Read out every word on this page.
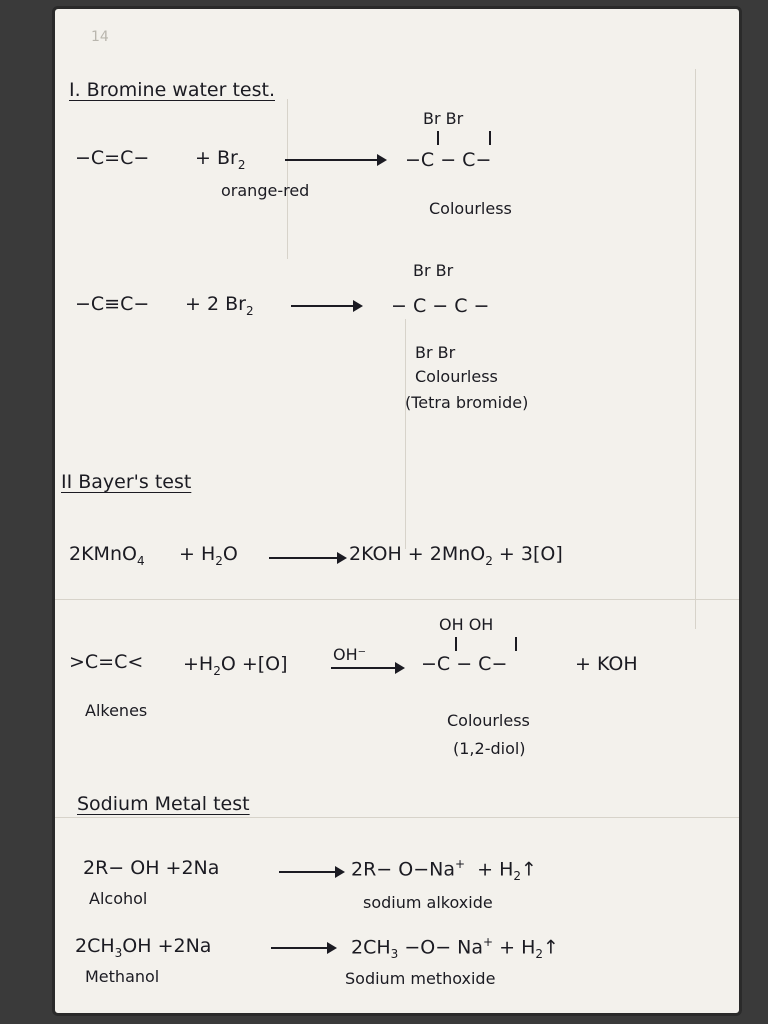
14
I. Bromine water test.
$-C=C- + Br_2$
orange-red
Br Br
−C − C−
Colourless
−C≡C− + 2 $Br_2$
Br Br
− C − C −
Br Br
Colourless
(Tetra bromide)
II Bayer's test
2KMnO$_4$ + $H_2O$	2KOH + 2MnO$_2$ + 3[O]
$>C=C< +H_2O +[O]$	OH⁻
OH OH
−C − C−	+ KOH
Alkenes
Colourless
(1,2-diol)
Sodium Metal test
2R− OH +2Na	→ $2R- O-Na^+ + H_2↑$
Alcohol	sodium alkoxide
$2CH_3OH +2Na$	→ $2CH_3 -O- Na^+$ + $H_2↑$
Methanol	Sodium methoxide
